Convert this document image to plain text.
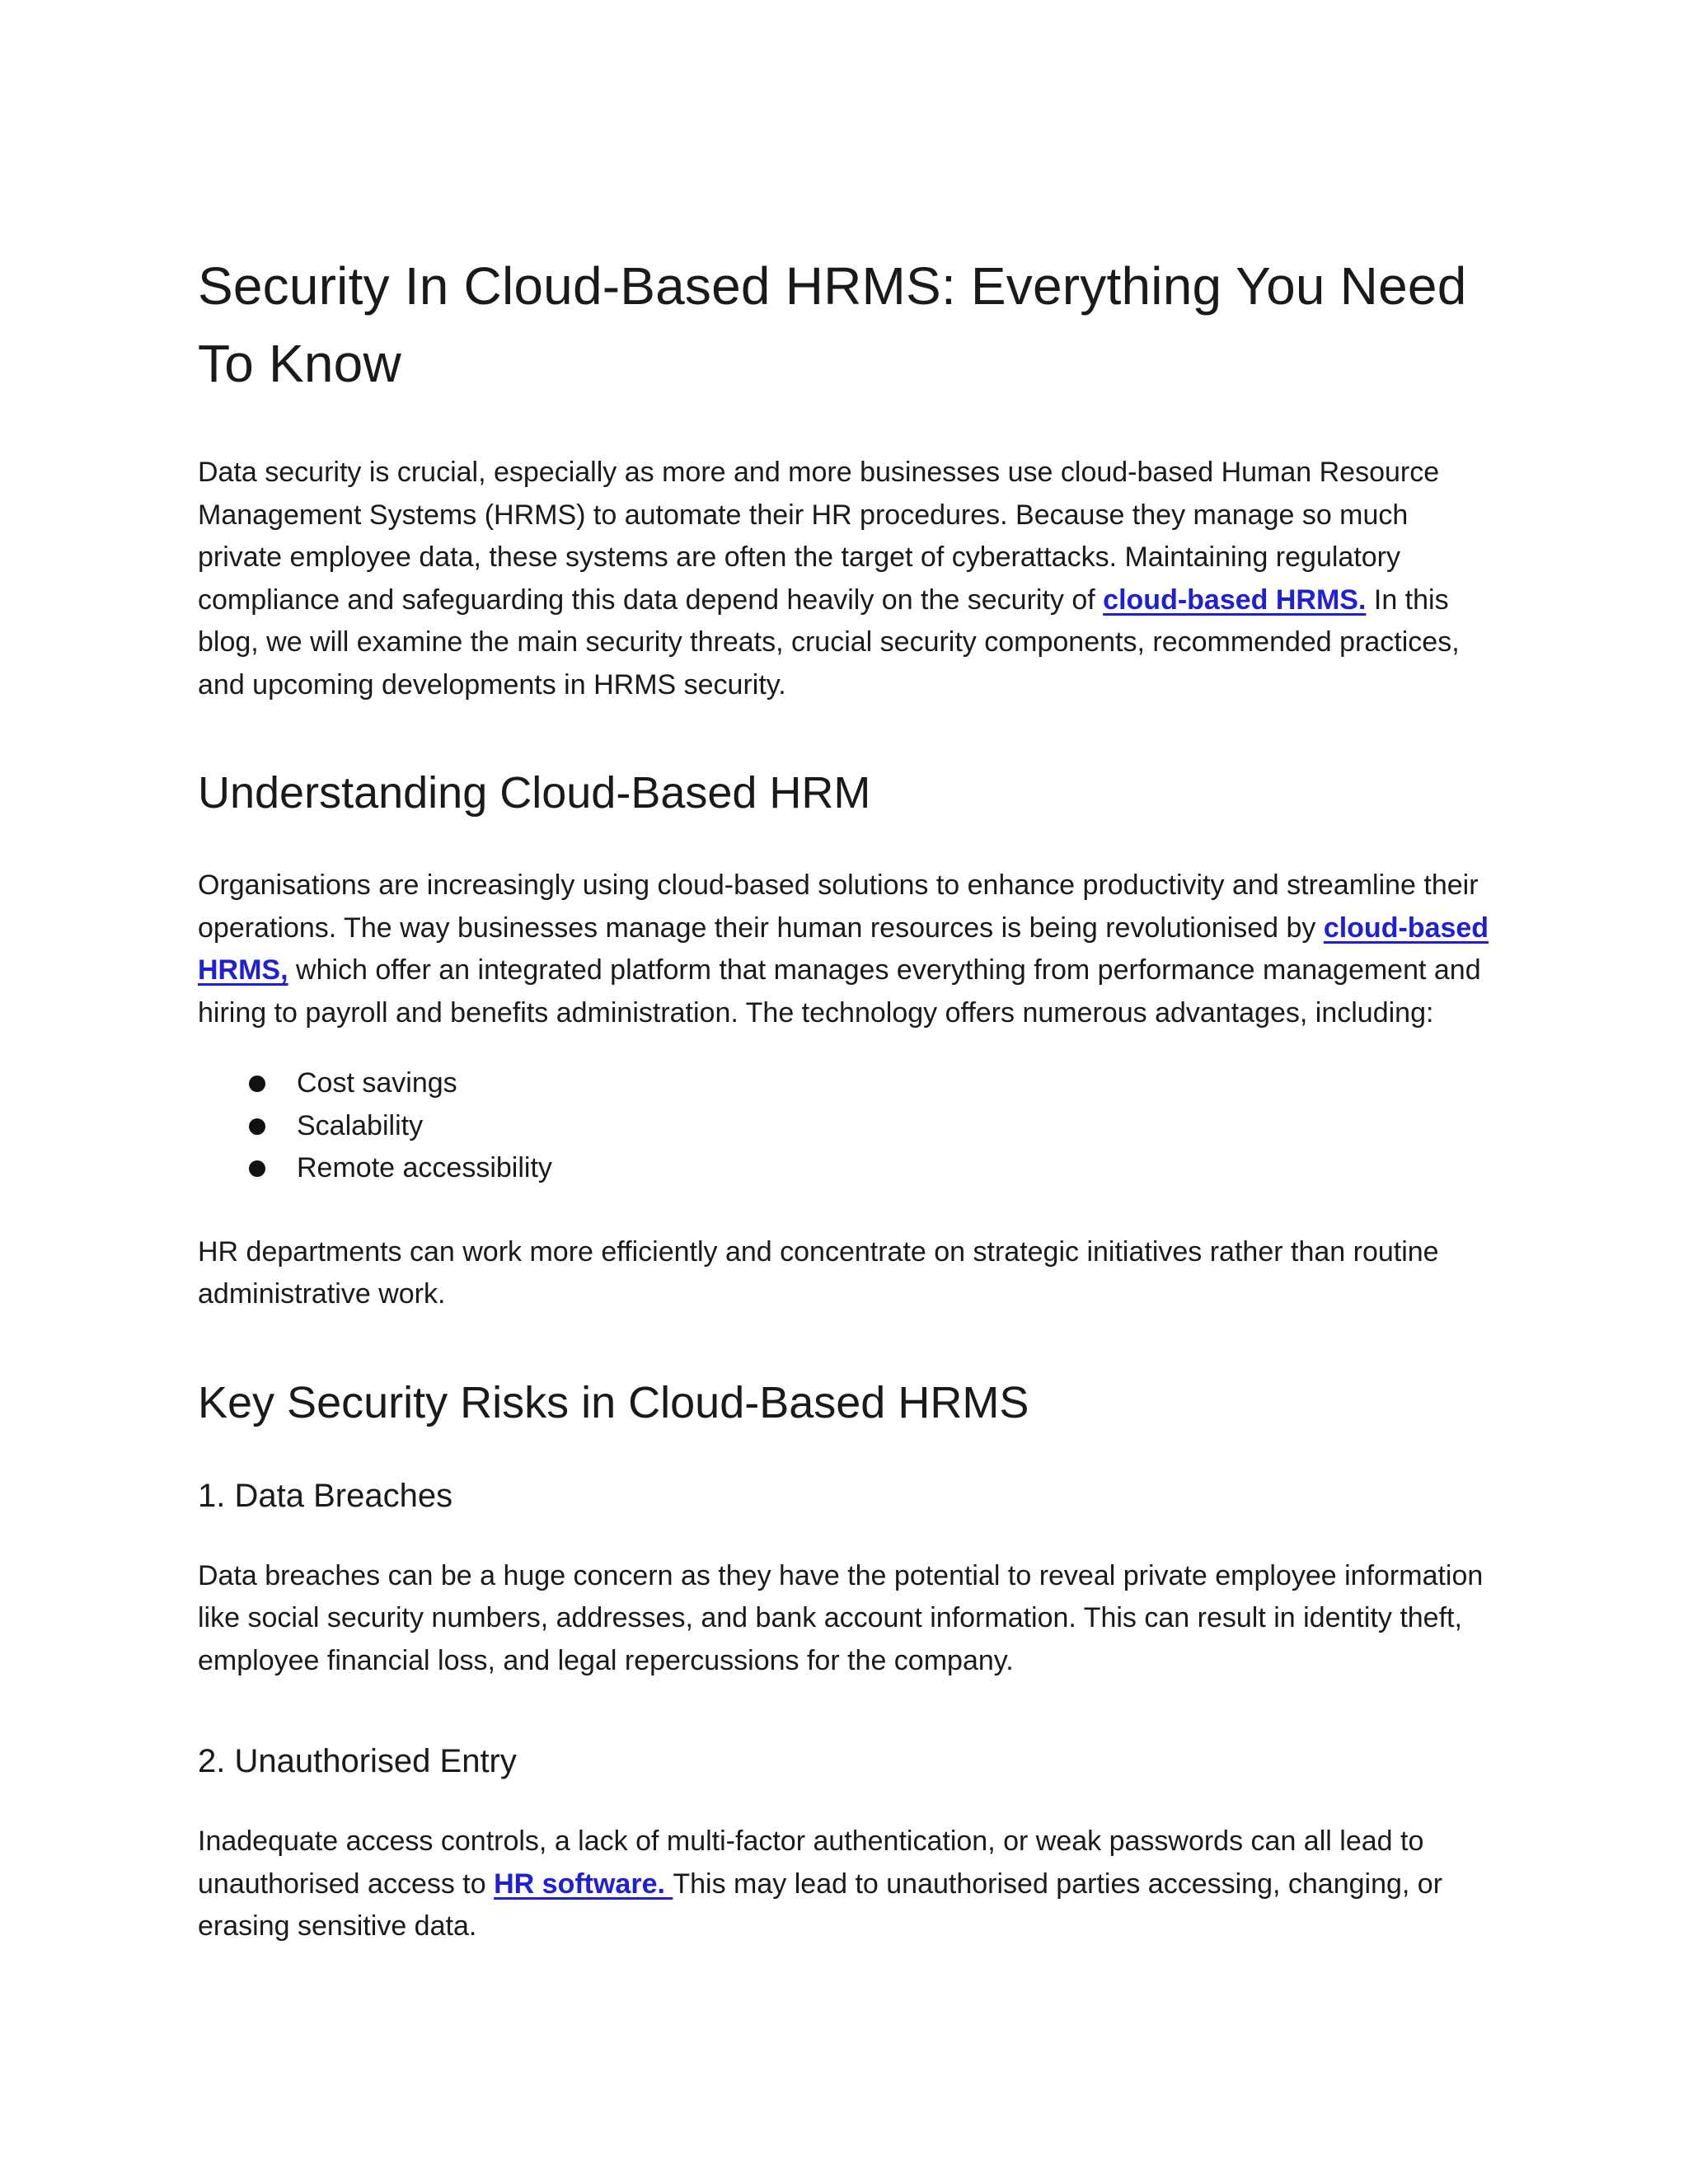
Security In Cloud-Based HRMS: Everything You Need To Know

Data security is crucial, especially as more and more businesses use cloud-based Human Resource Management Systems (HRMS) to automate their HR procedures. Because they manage so much private employee data, these systems are often the target of cyberattacks. Maintaining regulatory compliance and safeguarding this data depend heavily on the security of cloud-based HRMS. In this blog, we will examine the main security threats, crucial security components, recommended practices, and upcoming developments in HRMS security.

Understanding Cloud-Based HRM

Organisations are increasingly using cloud-based solutions to enhance productivity and streamline their operations. The way businesses manage their human resources is being revolutionised by cloud-based HRMS, which offer an integrated platform that manages everything from performance management and hiring to payroll and benefits administration. The technology offers numerous advantages, including:

Cost savings
Scalability
Remote accessibility

HR departments can work more efficiently and concentrate on strategic initiatives rather than routine administrative work.

Key Security Risks in Cloud-Based HRMS
1. Data Breaches

Data breaches can be a huge concern as they have the potential to reveal private employee information like social security numbers, addresses, and bank account information. This can result in identity theft, employee financial loss, and legal repercussions for the company.

2. Unauthorised Entry

Inadequate access controls, a lack of multi-factor authentication, or weak passwords can all lead to unauthorised access to HR software. This may lead to unauthorised parties accessing, changing, or erasing sensitive data.
